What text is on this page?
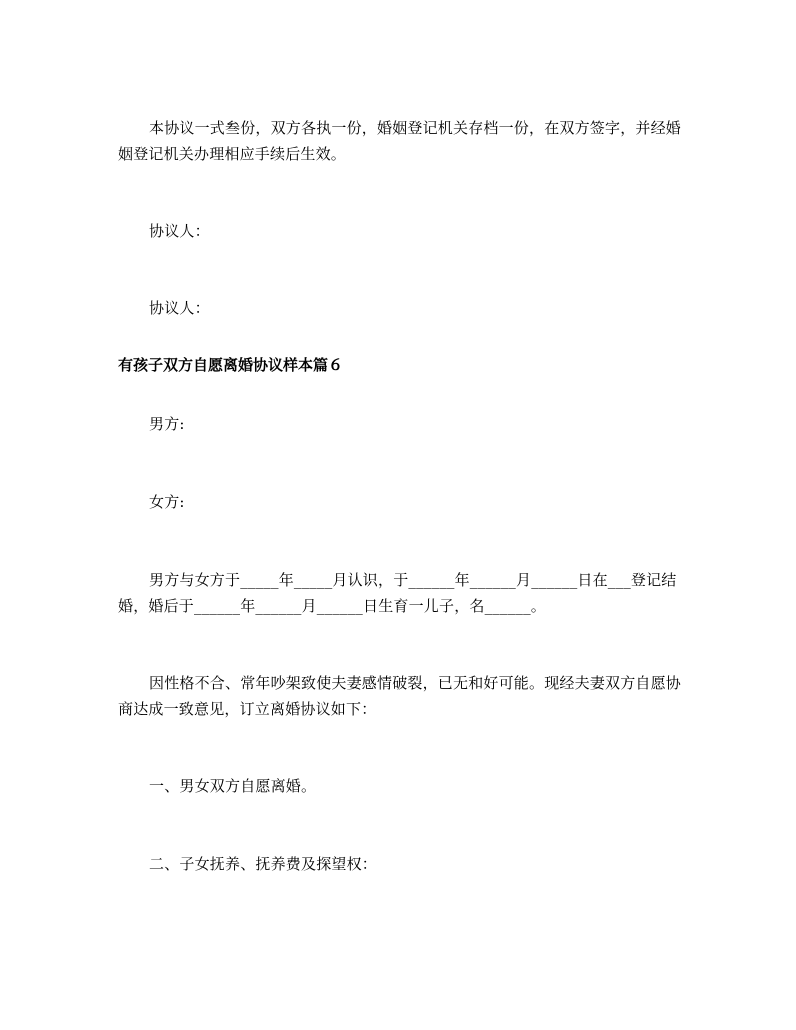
本协议一式叁份，双方各执一份，婚姻登记机关存档一份，在双方签字，并经婚姻登记机关办理相应手续后生效。

协议人：

协议人：

有孩子双方自愿离婚协议样本篇６

男方:

女方:

男方与女方于_____年_____月认识，于______年______月______日在___登记结婚，婚后于______年______月______日生育一儿子，名______。

因性格不合、常年吵架致使夫妻感情破裂，已无和好可能。现经夫妻双方自愿协商达成一致意见，订立离婚协议如下：

一、男女双方自愿离婚。

二、子女抚养、抚养费及探望权：
